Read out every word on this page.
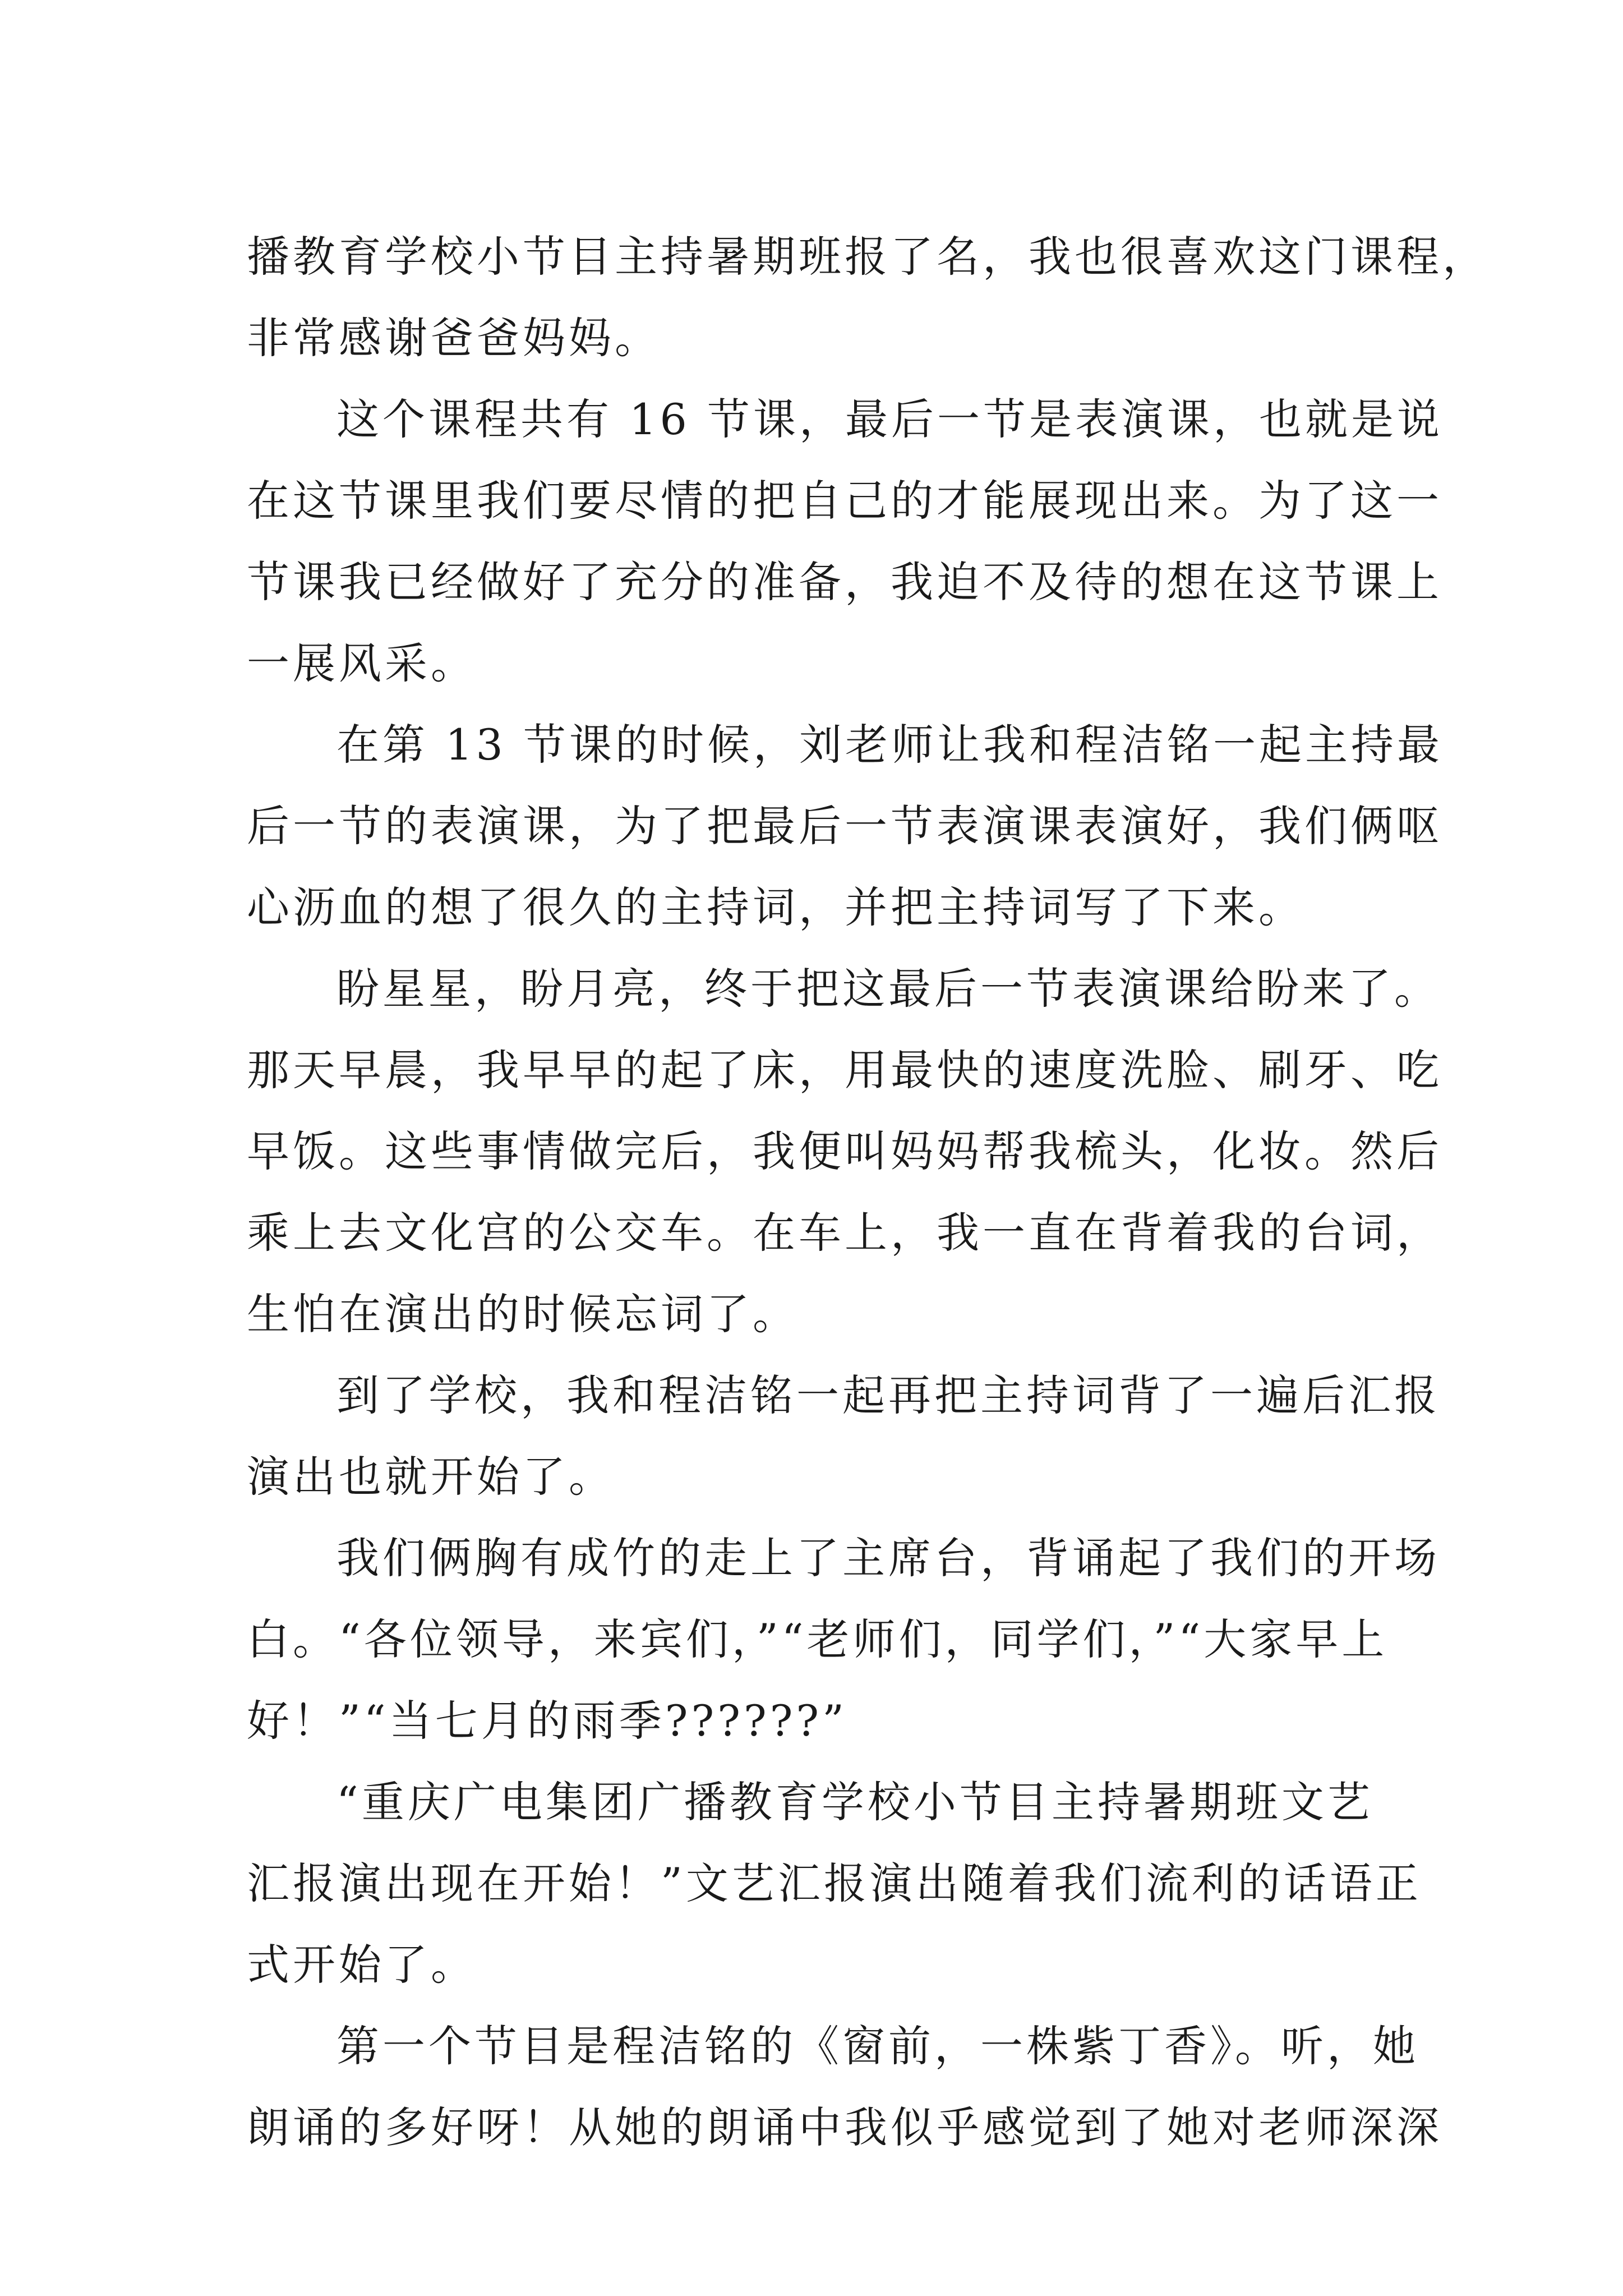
播教育学校小节目主持暑期班报了名，我也很喜欢这门课程，
非常感谢爸爸妈妈。
这个课程共有 16 节课，最后一节是表演课，也就是说
在这节课里我们要尽情的把自己的才能展现出来。为了这一
节课我已经做好了充分的准备，我迫不及待的想在这节课上
一展风采。
在第 13 节课的时候，刘老师让我和程洁铭一起主持最
后一节的表演课，为了把最后一节表演课表演好，我们俩呕
心沥血的想了很久的主持词，并把主持词写了下来。
盼星星，盼月亮，终于把这最后一节表演课给盼来了。
那天早晨，我早早的起了床，用最快的速度洗脸、刷牙、吃
早饭。这些事情做完后，我便叫妈妈帮我梳头，化妆。然后
乘上去文化宫的公交车。在车上，我一直在背着我的台词，
生怕在演出的时候忘词了。
到了学校，我和程洁铭一起再把主持词背了一遍后汇报
演出也就开始了。
我们俩胸有成竹的走上了主席台，背诵起了我们的开场
白。“各位领导，来宾们，”“老师们，同学们，”“大家早上
好！”“当七月的雨季??????”
“重庆广电集团广播教育学校小节目主持暑期班文艺
汇报演出现在开始！”文艺汇报演出随着我们流利的话语正
式开始了。
第一个节目是程洁铭的《窗前，一株紫丁香》。听，她
朗诵的多好呀！从她的朗诵中我似乎感觉到了她对老师深深
